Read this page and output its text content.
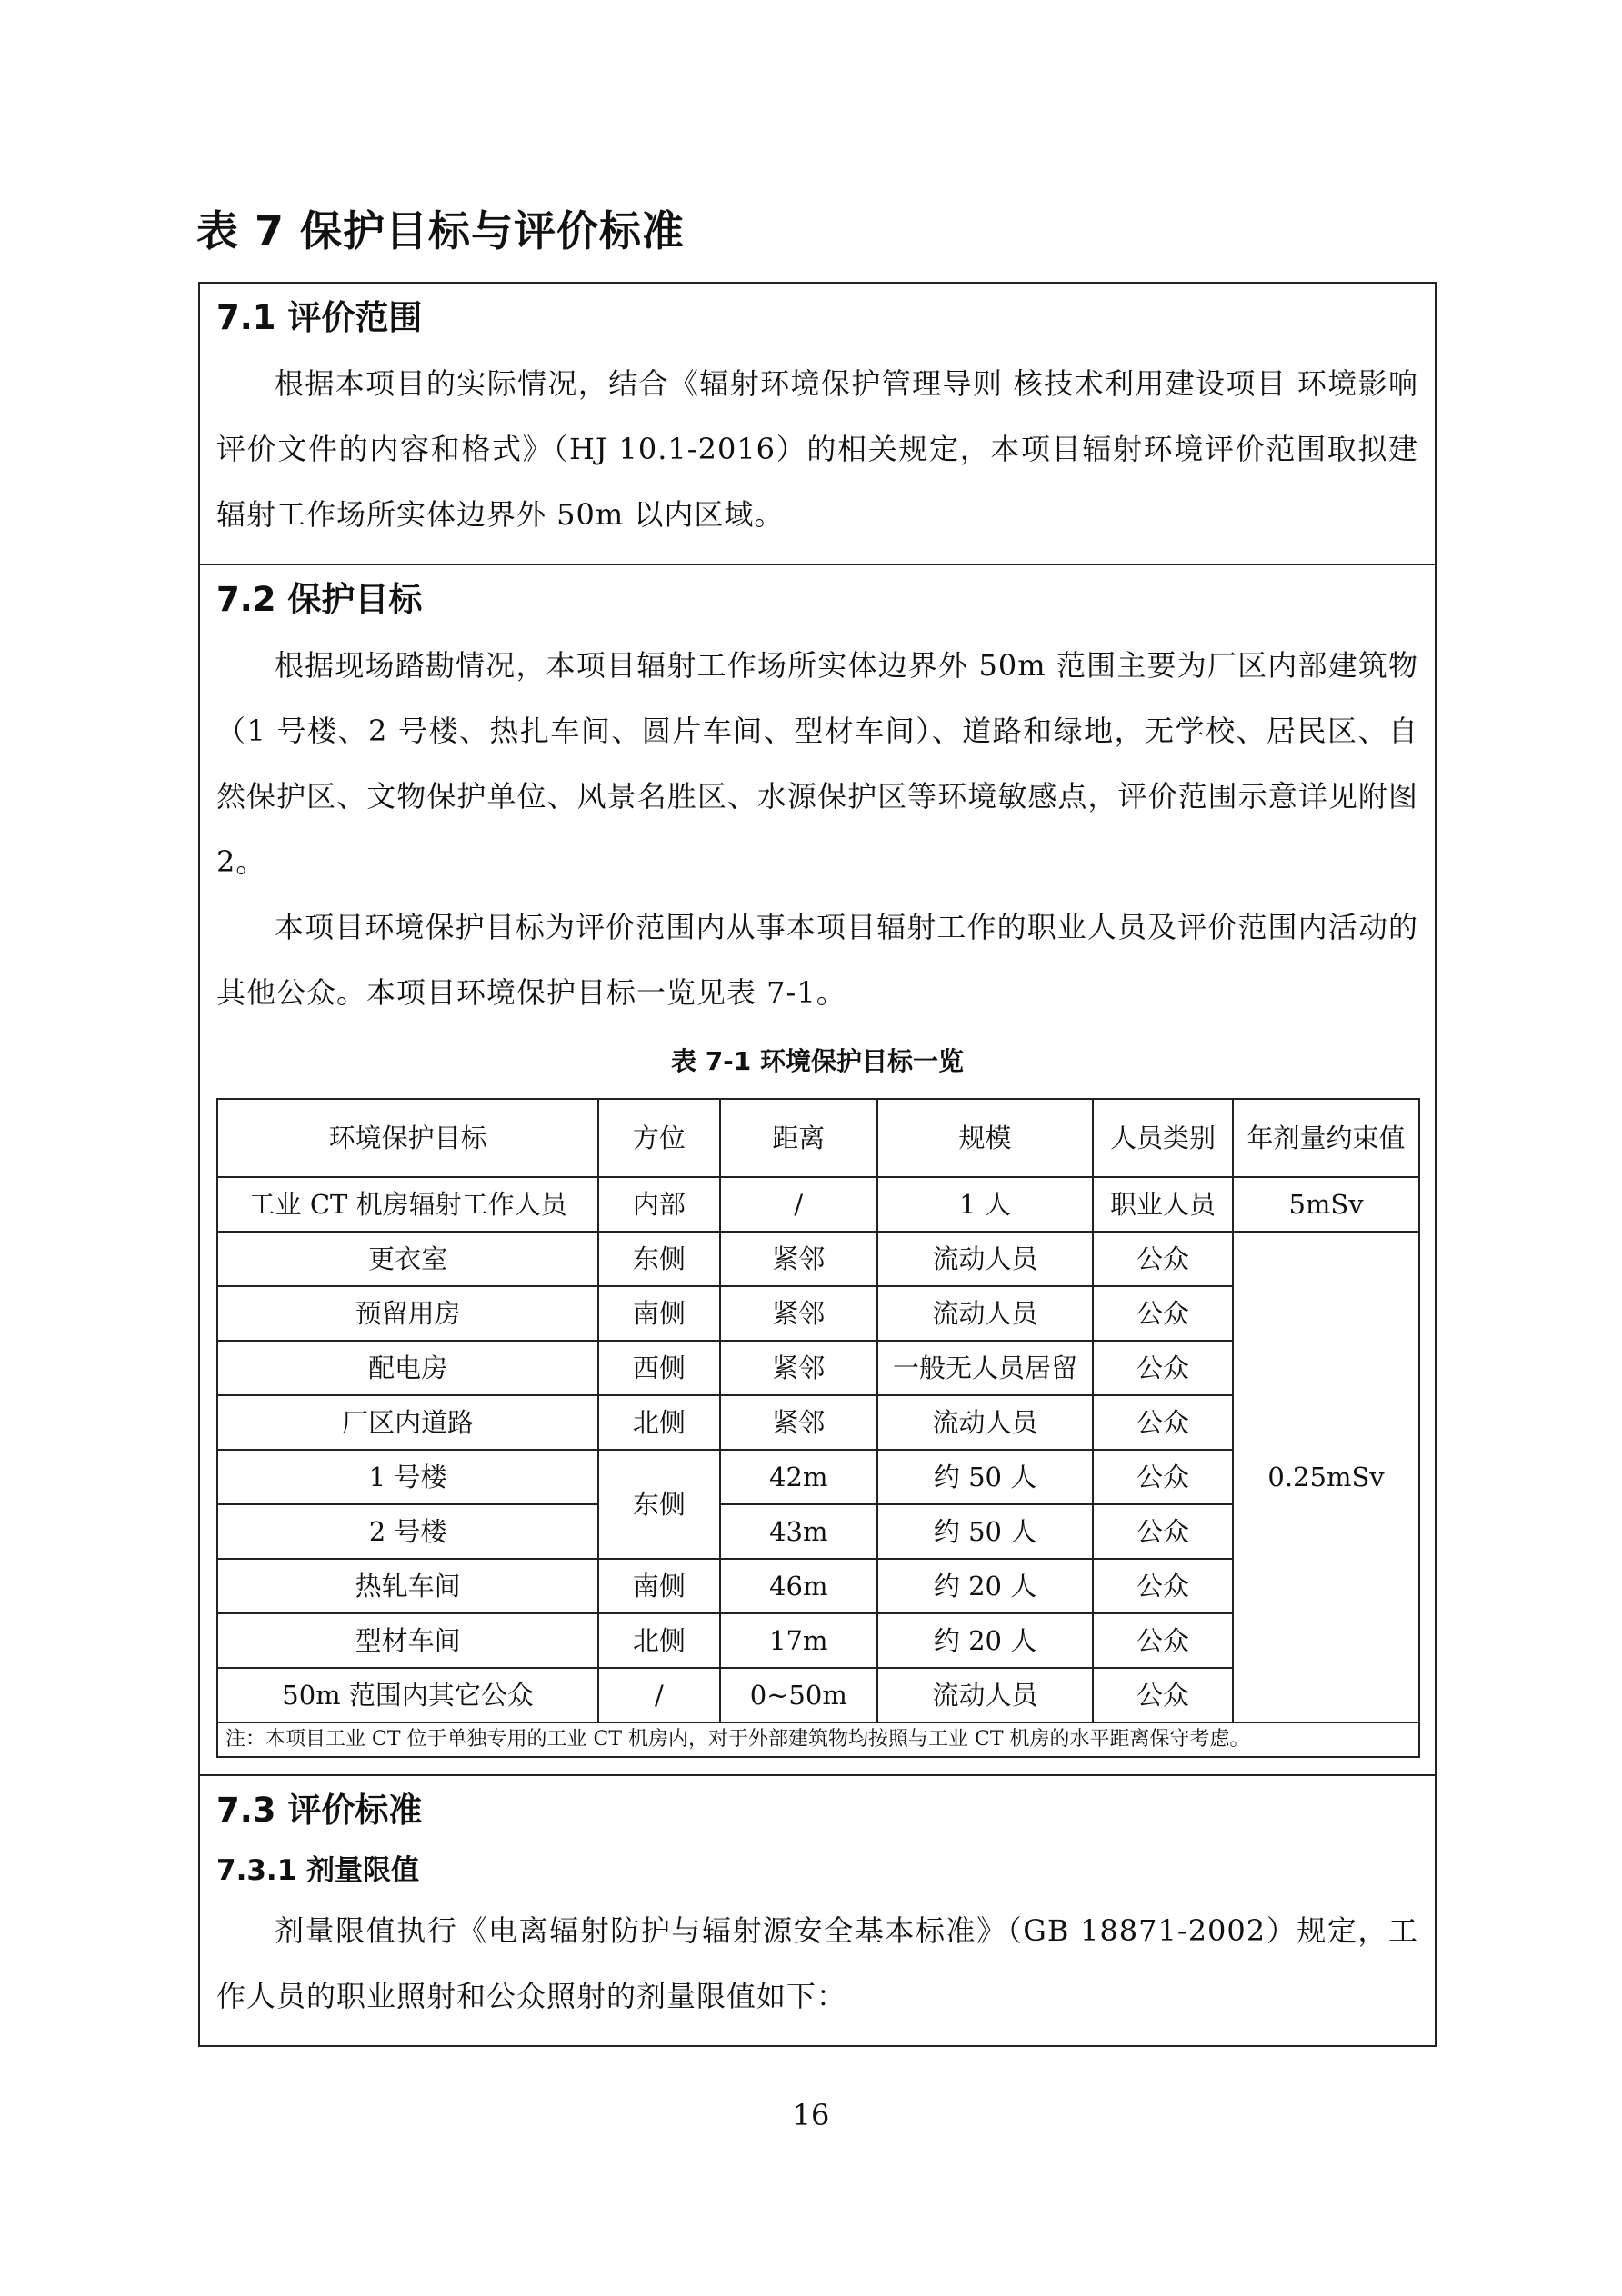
表 7 保护目标与评价标准
7.1 评价范围

根据本项目的实际情况，结合《辐射环境保护管理导则 核技术利用建设项目 环境影响评价文件的内容和格式》（HJ 10.1-2016）的相关规定，本项目辐射环境评价范围取拟建辐射工作场所实体边界外 50m 以内区域。

7.2 保护目标

根据现场踏勘情况，本项目辐射工作场所实体边界外 50m 范围主要为厂区内部建筑物（1 号楼、2 号楼、热扎车间、圆片车间、型材车间）、道路和绿地，无学校、居民区、自然保护区、文物保护单位、风景名胜区、水源保护区等环境敏感点，评价范围示意详见附图 2。

本项目环境保护目标为评价范围内从事本项目辐射工作的职业人员及评价范围内活动的其他公众。本项目环境保护目标一览见表 7-1。

表 7-1 环境保护目标一览
环境保护目标	方位	距离	规模	人员类别	年剂量约束值
工业 CT 机房辐射工作人员	内部	/	1 人	职业人员	5mSv
更衣室	东侧	紧邻	流动人员	公众	0.25mSv
预留用房	南侧	紧邻	流动人员	公众	
配电房	西侧	紧邻	一般无人员居留	公众	
厂区内道路	北侧	紧邻	流动人员	公众	
1 号楼	东侧	42m	约 50 人	公众	
2 号楼		43m	约 50 人	公众	
热轧车间	南侧	46m	约 20 人	公众	
型材车间	北侧	17m	约 20 人	公众	
50m 范围内其它公众	/	0~50m	流动人员	公众	
注：本项目工业 CT 位于单独专用的工业 CT 机房内，对于外部建筑物均按照与工业 CT 机房的水平距离保守考虑。
7.3 评价标准
7.3.1 剂量限值

剂量限值执行《电离辐射防护与辐射源安全基本标准》（GB 18871-2002）规定，工作人员的职业照射和公众照射的剂量限值如下：

16
